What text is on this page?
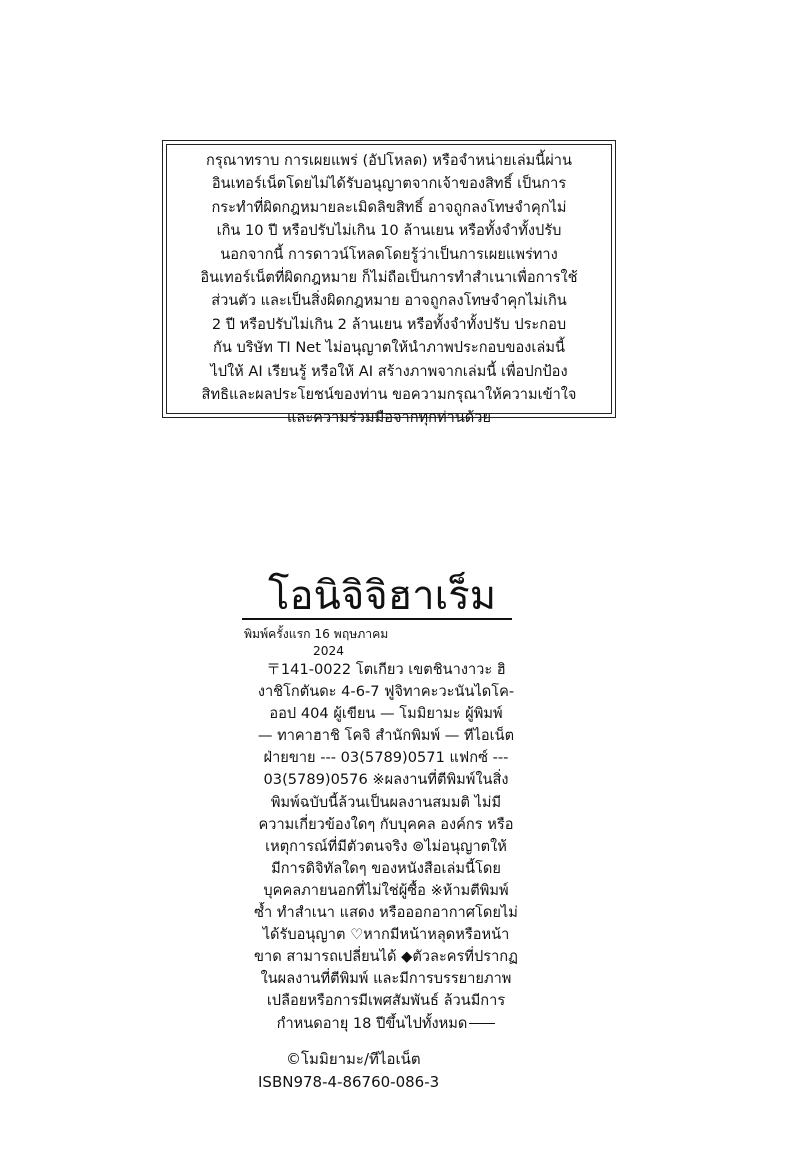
กรุณาทราบ การเผยแพร่ (อัปโหลด) หรือจำหน่ายเล่มนี้ผ่าน
อินเทอร์เน็ตโดยไม่ได้รับอนุญาตจากเจ้าของสิทธิ์ เป็นการ
กระทำที่ผิดกฎหมายละเมิดลิขสิทธิ์ อาจถูกลงโทษจำคุกไม่
เกิน 10 ปี หรือปรับไม่เกิน 10 ล้านเยน หรือทั้งจำทั้งปรับ
นอกจากนี้ การดาวน์โหลดโดยรู้ว่าเป็นการเผยแพร่ทาง
อินเทอร์เน็ตที่ผิดกฎหมาย ก็ไม่ถือเป็นการทำสำเนาเพื่อการใช้
ส่วนตัว และเป็นสิ่งผิดกฎหมาย อาจถูกลงโทษจำคุกไม่เกิน
2 ปี หรือปรับไม่เกิน 2 ล้านเยน หรือทั้งจำทั้งปรับ ประกอบ
กัน บริษัท TI Net ไม่อนุญาตให้นำภาพประกอบของเล่มนี้
ไปให้ AI เรียนรู้ หรือให้ AI สร้างภาพจากเล่มนี้ เพื่อปกป้อง
สิทธิและผลประโยชน์ของท่าน ขอความกรุณาให้ความเข้าใจ
และความร่วมมือจากทุกท่านด้วย
โอนิจิจิฮาเร็ม
พิมพ์ครั้งแรก 16 พฤษภาคม
2024
〒141-0022 โตเกียว เขตชินางาวะ ฮิ
งาชิโกตันดะ 4-6-7 ฟูจิทาคะวะนันไดโค-
ออป 404 ผู้เขียน — โมมิยามะ ผู้พิมพ์
— ทาคาฮาชิ โคจิ สำนักพิมพ์ — ทีไอเน็ต
ฝ่ายขาย --- 03(5789)0571 แฟกซ์ ---
03(5789)0576 ※ผลงานที่ตีพิมพ์ในสิ่ง
พิมพ์ฉบับนี้ล้วนเป็นผลงานสมมติ ไม่มี
ความเกี่ยวข้องใดๆ กับบุคคล องค์กร หรือ
เหตุการณ์ที่มีตัวตนจริง ⊚ไม่อนุญาตให้
มีการดิจิทัลใดๆ ของหนังสือเล่มนี้โดย
บุคคลภายนอกที่ไม่ใช่ผู้ซื้อ ※ห้ามตีพิมพ์
ซ้ำ ทำสำเนา แสดง หรือออกอากาศโดยไม่
ได้รับอนุญาต ♡หากมีหน้าหลุดหรือหน้า
ขาด สามารถเปลี่ยนได้ ◆ตัวละครที่ปรากฏ
ในผลงานที่ตีพิมพ์ และมีการบรรยายภาพ
เปลือยหรือการมีเพศสัมพันธ์ ล้วนมีการ
กำหนดอายุ 18 ปีขึ้นไปทั้งหมด
©โมมิยามะ/ทีไอเน็ต
ISBN978-4-86760-086-3
